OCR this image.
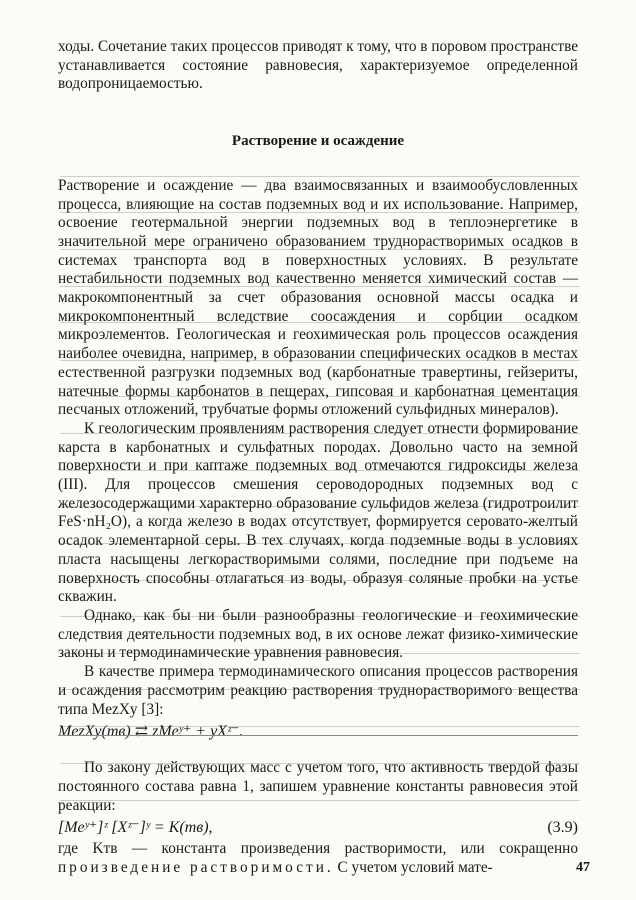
ходы. Сочетание таких процессов приводят к тому, что в поровом пространстве устанавливается состояние равновесия, характеризуемое определенной водопроницаемостью.

Растворение и осаждение

Растворение и осаждение — два взаимосвязанных и взаимообусловленных процесса, влияющие на состав подземных вод и их использование. Например, освоение геотермальной энергии подземных вод в теплоэнергетике в значительной мере ограничено образованием труднорастворимых осадков в системах транспорта вод в поверхностных условиях. В результате нестабильности подземных вод качественно меняется химический состав — макрокомпонентный за счет образования основной массы осадка и микрокомпонентный вследствие соосаждения и сорбции осадком микроэлементов. Геологическая и геохимическая роль процессов осаждения наиболее очевидна, например, в образовании специфических осадков в местах естественной разгрузки подземных вод (карбонатные травертины, гейзериты, натечные формы карбонатов в пещерах, гипсовая и карбонатная цементация песчаных отложений, трубчатые формы отложений сульфидных минералов).

К геологическим проявлениям растворения следует отнести формирование карста в карбонатных и сульфатных породах. Довольно часто на земной поверхности и при каптаже подземных вод отмечаются гидроксиды железа (III). Для процессов смешения сероводородных подземных вод с железосодержащими характерно образование сульфидов железа (гидротроилит FeS·nH₂O), а когда железо в водах отсутствует, формируется серовато-желтый осадок элементарной серы. В тех случаях, когда подземные воды в условиях пласта насыщены легкорастворимыми солями, последние при подъеме на поверхность способны отлагаться из воды, образуя соляные пробки на устье скважин.

Однако, как бы ни были разнообразны геологические и геохимические следствия деятельности подземных вод, в их основе лежат физико-химические законы и термодинамические уравнения равновесия.

В качестве примера термодинамического описания процессов растворения и осаждения рассмотрим реакцию растворения труднорастворимого вещества типа MezXy [3]:

MezXy(тв) ⇄ zMeʸ⁺ + yXᶻ⁻.

По закону действующих масс с учетом того, что активность твердой фазы постоянного состава равна 1, запишем уравнение константы равновесия этой реакции:

[Meʸ⁺]ᶻ [Xᶻ⁻]ʸ = K(тв),	(3.9)

где Kтв — константа произведения растворимости, или сокращенно произведение растворимости. С учетом условий мате-	47
